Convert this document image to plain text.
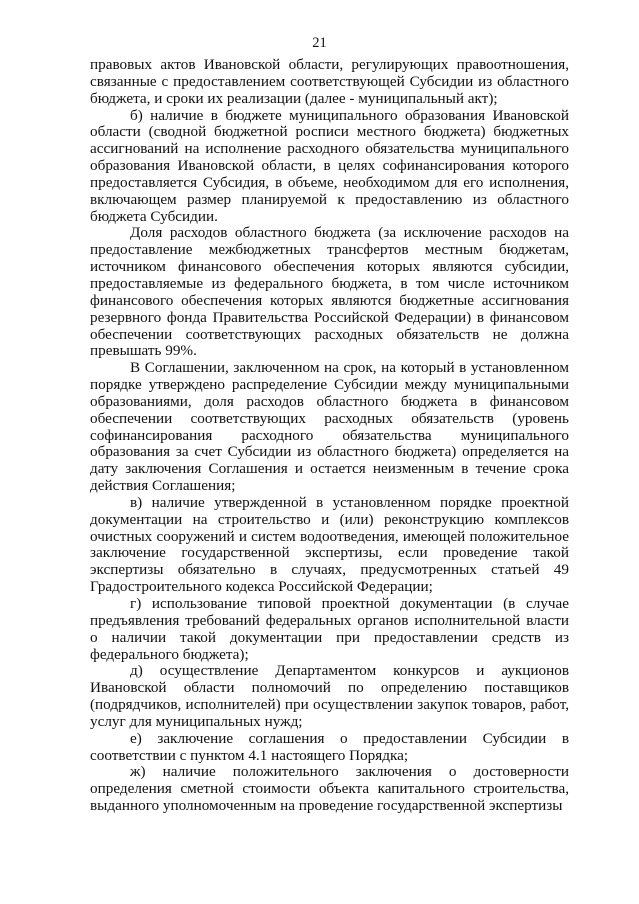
21

правовых актов Ивановской области, регулирующих правоотношения, связанные с предоставлением соответствующей Субсидии из областного бюджета, и сроки их реализации (далее - муниципальный акт);

б) наличие в бюджете муниципального образования Ивановской области (сводной бюджетной росписи местного бюджета) бюджетных ассигнований на исполнение расходного обязательства муниципального образования Ивановской области, в целях софинансирования которого предоставляется Субсидия, в объеме, необходимом для его исполнения, включающем размер планируемой к предоставлению из областного бюджета Субсидии.

Доля расходов областного бюджета (за исключение расходов на предоставление межбюджетных трансфертов местным бюджетам, источником финансового обеспечения которых являются субсидии, предоставляемые из федерального бюджета, в том числе источником финансового обеспечения которых являются бюджетные ассигнования резервного фонда Правительства Российской Федерации) в финансовом обеспечении соответствующих расходных обязательств не должна превышать 99%.

В Соглашении, заключенном на срок, на который в установленном порядке утверждено распределение Субсидии между муниципальными образованиями, доля расходов областного бюджета в финансовом обеспечении соответствующих расходных обязательств (уровень софинансирования расходного обязательства муниципального образования за счет Субсидии из областного бюджета) определяется на дату заключения Соглашения и остается неизменным в течение срока действия Соглашения;

в) наличие утвержденной в установленном порядке проектной документации на строительство и (или) реконструкцию комплексов очистных сооружений и систем водоотведения, имеющей положительное заключение государственной экспертизы, если проведение такой экспертизы обязательно в случаях, предусмотренных статьей 49 Градостроительного кодекса Российской Федерации;

г) использование типовой проектной документации (в случае предъявления требований федеральных органов исполнительной власти о наличии такой документации при предоставлении средств из федерального бюджета);

д) осуществление Департаментом конкурсов и аукционов Ивановской области полномочий по определению поставщиков (подрядчиков, исполнителей) при осуществлении закупок товаров, работ, услуг для муниципальных нужд;

е) заключение соглашения о предоставлении Субсидии в соответствии с пунктом 4.1 настоящего Порядка;

ж) наличие положительного заключения о достоверности определения сметной стоимости объекта капитального строительства, выданного уполномоченным на проведение государственной экспертизы
